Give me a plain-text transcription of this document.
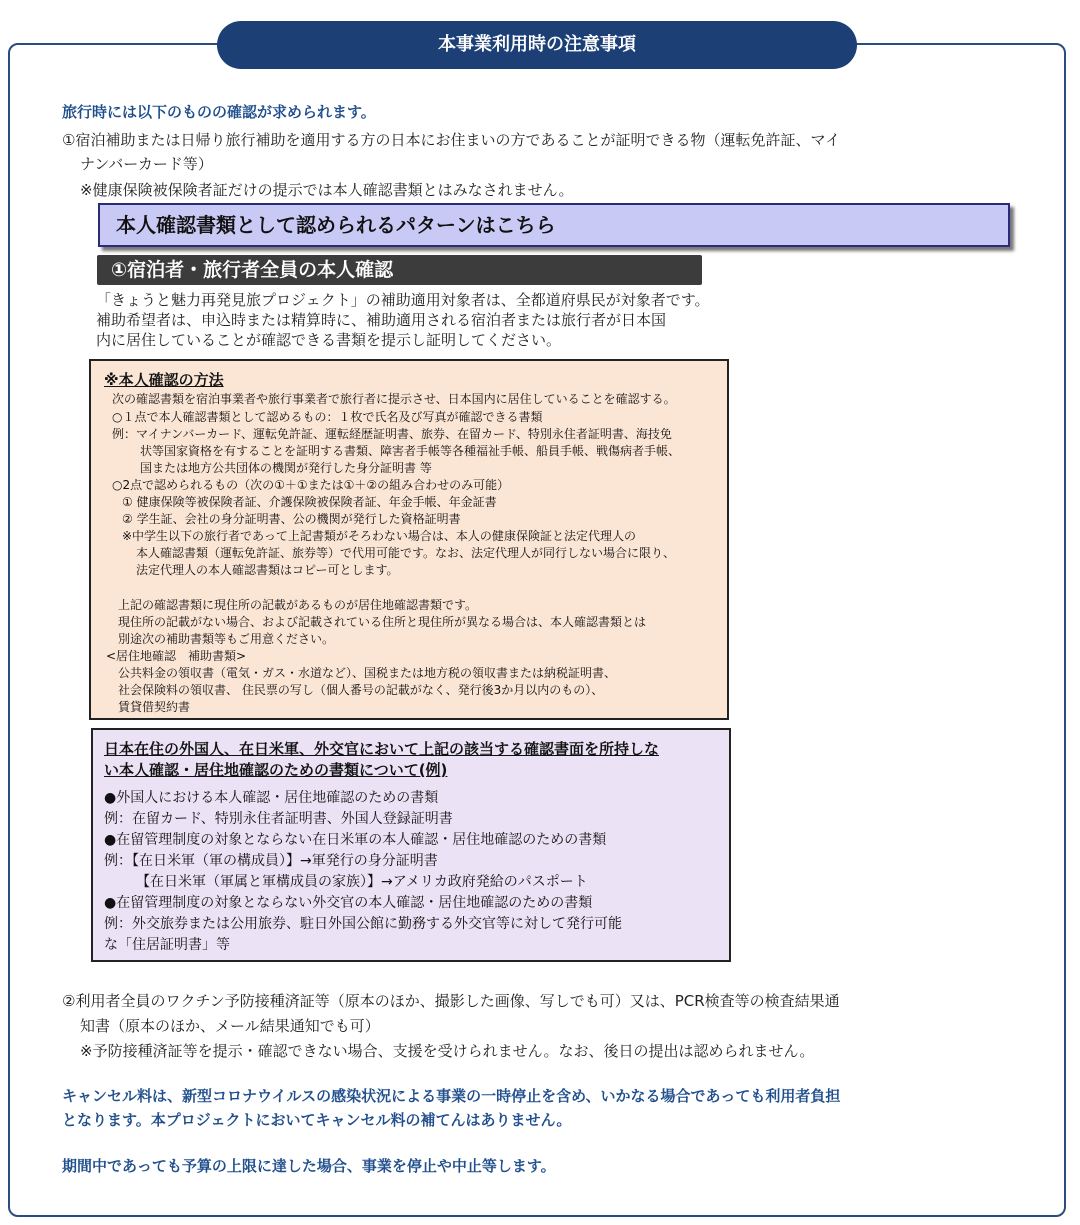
本事業利用時の注意事項
旅行時には以下のものの確認が求められます。
①宿泊補助または日帰り旅行補助を適用する方の日本にお住まいの方であることが証明できる物（運転免許証、マイ
ナンバーカード等）
※健康保険被保険者証だけの提示では本人確認書類とはみなされません。
本人確認書類として認められるパターンはこちら
①宿泊者・旅行者全員の本人確認
「きょうと魅力再発見旅プロジェクト」の補助適用対象者は、全都道府県民が対象者です。
補助希望者は、申込時または精算時に、補助適用される宿泊者または旅行者が日本国
内に居住していることが確認できる書類を提示し証明してください。
※本人確認の方法
次の確認書類を宿泊事業者や旅行事業者で旅行者に提示させ、日本国内に居住していることを確認する。
○１点で本人確認書類として認めるもの：１枚で氏名及び写真が確認できる書類
例：マイナンバーカード、運転免許証、運転経歴証明書、旅券、在留カード、特別永住者証明書、海技免
状等国家資格を有することを証明する書類、障害者手帳等各種福祉手帳、船員手帳、戦傷病者手帳、
国または地方公共団体の機関が発行した身分証明書 等
○2点で認められるもの（次の①＋①または①＋②の組み合わせのみ可能）
① 健康保険等被保険者証、介護保険被保険者証、年金手帳、年金証書
② 学生証、会社の身分証明書、公の機関が発行した資格証明書
※中学生以下の旅行者であって上記書類がそろわない場合は、本人の健康保険証と法定代理人の
本人確認書類（運転免許証、旅券等）で代用可能です。なお、法定代理人が同行しない場合に限り、
法定代理人の本人確認書類はコピー可とします。
上記の確認書類に現住所の記載があるものが居住地確認書類です。
現住所の記載がない場合、および記載されている住所と現住所が異なる場合は、本人確認書類とは
別途次の補助書類等もご用意ください。
<居住地確認　補助書類>
公共料金の領収書（電気・ガス・水道など）、国税または地方税の領収書または納税証明書、
社会保険料の領収書、 住民票の写し（個人番号の記載がなく、発行後3か月以内のもの）、
賃貸借契約書
日本在住の外国人、在日米軍、外交官において上記の該当する確認書面を所持しな
い本人確認・居住地確認のための書類について(例)
●外国人における本人確認・居住地確認のための書類
例：在留カード、特別永住者証明書、外国人登録証明書
●在留管理制度の対象とならない在日米軍の本人確認・居住地確認のための書類
例：【在日米軍（軍の構成員）】→軍発行の身分証明書
【在日米軍（軍属と軍構成員の家族）】→アメリカ政府発給のパスポート
●在留管理制度の対象とならない外交官の本人確認・居住地確認のための書類
例：外交旅券または公用旅券、駐日外国公館に勤務する外交官等に対して発行可能
な「住居証明書」等
②利用者全員のワクチン予防接種済証等（原本のほか、撮影した画像、写しでも可）又は、PCR検査等の検査結果通
知書（原本のほか、メール結果通知でも可）
※予防接種済証等を提示・確認できない場合、支援を受けられません。なお、後日の提出は認められません。
キャンセル料は、新型コロナウイルスの感染状況による事業の一時停止を含め、いかなる場合であっても利用者負担
となります。本プロジェクトにおいてキャンセル料の補てんはありません。
期間中であっても予算の上限に達した場合、事業を停止や中止等します。
